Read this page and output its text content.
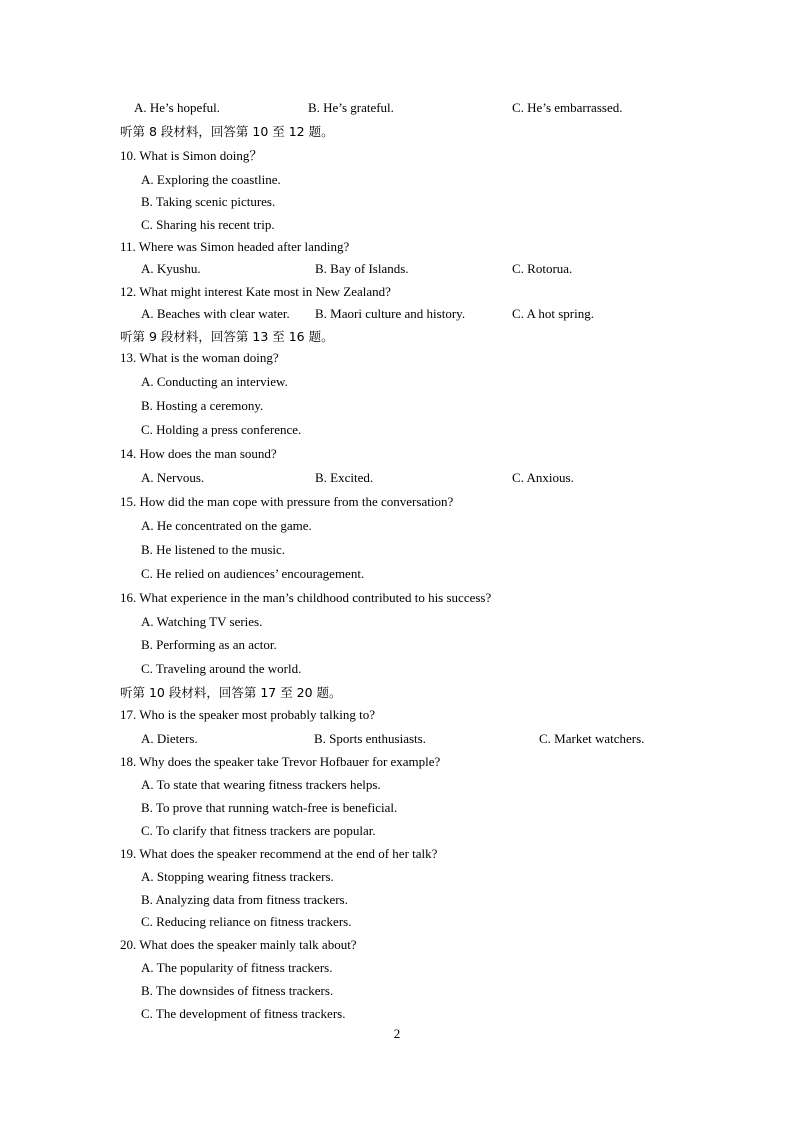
A. He’s hopeful.	B. He’s grateful.	C. He’s embarrassed.
听第 8 段材料，回答第 10 至 12 题。
10. What is Simon doing？
A. Exploring the coastline.
B. Taking scenic pictures.
C. Sharing his recent trip.
11. Where was Simon headed after landing?
A. Kyushu.	B. Bay of Islands.	C. Rotorua.
12. What might interest Kate most in New Zealand?
A. Beaches with clear water. B. Maori culture and history.	C. A hot spring.
听第 9 段材料，回答第 13 至 16 题。
13. What is the woman doing?
A. Conducting an interview.
B. Hosting a ceremony.
C. Holding a press conference.
14. How does the man sound?
A. Nervous.	B. Excited.	C. Anxious.
15. How did the man cope with pressure from the conversation?
A. He concentrated on the game.
B. He listened to the music.
C. He relied on audiences’ encouragement.
16. What experience in the man’s childhood contributed to his success?
A. Watching TV series.
B. Performing as an actor.
C. Traveling around the world.
听第 10 段材料，回答第 17 至 20 题。
17. Who is the speaker most probably talking to?
A. Dieters.	B. Sports enthusiasts.	C. Market watchers.
18. Why does the speaker take Trevor Hofbauer for example?
A. To state that wearing fitness trackers helps.
B. To prove that running watch-free is beneficial.
C. To clarify that fitness trackers are popular.
19. What does the speaker recommend at the end of her talk?
A. Stopping wearing fitness trackers.
B. Analyzing data from fitness trackers.
C. Reducing reliance on fitness trackers.
20. What does the speaker mainly talk about?
A. The popularity of fitness trackers.
B. The downsides of fitness trackers.
C. The development of fitness trackers.
2
